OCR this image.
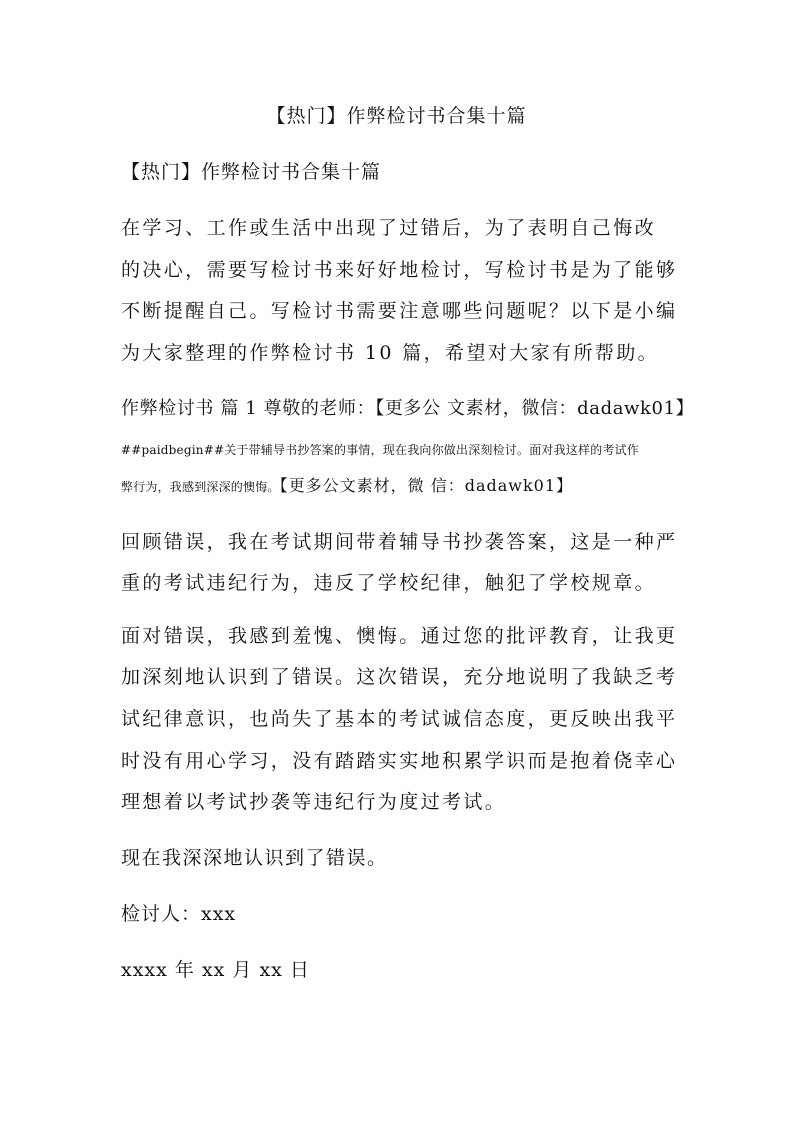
【热门】作弊检讨书合集十篇
【热门】作弊检讨书合集十篇
在学习、工作或生活中出现了过错后，为了表明自己悔改
的决心，需要写检讨书来好好地检讨，写检讨书是为了能够
不断提醒自己。写检讨书需要注意哪些问题呢？以下是小编
为大家整理的作弊检讨书 10 篇，希望对大家有所帮助。
作弊检讨书 篇 1 尊敬的老师：【更多公 文素材，微信：dadawk01】
##paidbegin##关于带辅导书抄答案的事情，现在我向你做出深刻检讨。面对我这样的考试作
弊行为，我感到深深的懊悔。【更多公文素材，微 信：dadawk01】
回顾错误，我在考试期间带着辅导书抄袭答案，这是一种严
重的考试违纪行为，违反了学校纪律，触犯了学校规章。
面对错误，我感到羞愧、懊悔。通过您的批评教育，让我更
加深刻地认识到了错误。这次错误，充分地说明了我缺乏考
试纪律意识，也尚失了基本的考试诚信态度，更反映出我平
时没有用心学习，没有踏踏实实地积累学识而是抱着侥幸心
理想着以考试抄袭等违纪行为度过考试。
现在我深深地认识到了错误。
检讨人：xxx
xxxx 年 xx 月 xx 日
